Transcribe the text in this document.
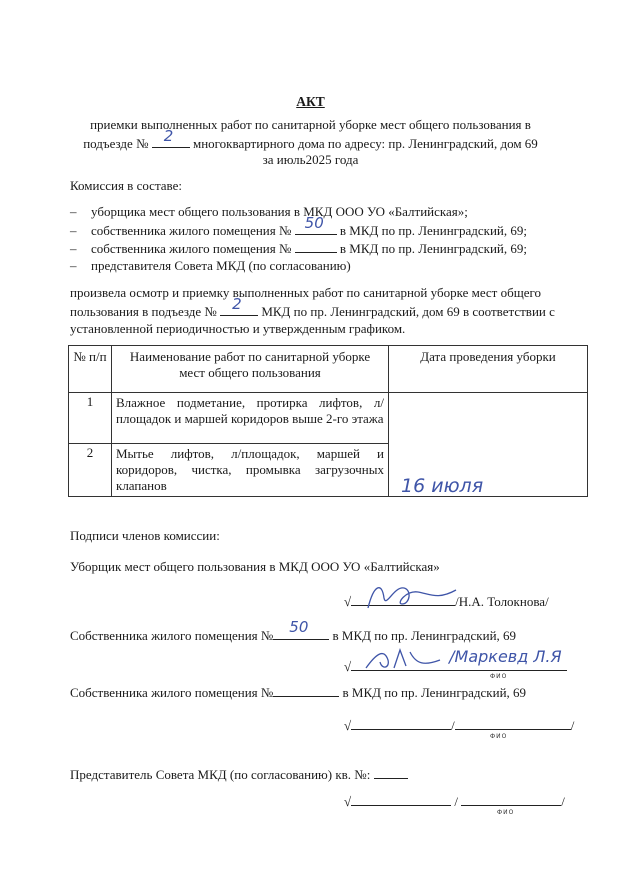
АКТ
приемки выполненных работ по санитарной уборке мест общего пользования в
подъезде № 2 многоквартирного дома по адресу: пр. Ленинградский, дом 69
за июль2025 года
Комиссия в составе:
– уборщика мест общего пользования в МКД ООО УО «Балтийская»;
– собственника жилого помещения № 50 в МКД по пр. Ленинградский, 69;
– собственника жилого помещения №	в МКД по пр. Ленинградский, 69;
– представителя Совета МКД (по согласованию)
произвела осмотр и приемку выполненных работ по санитарной уборке мест общего
пользования в подъезде № 2 МКД по пр. Ленинградский, дом 69 в соответствии с
установленной периодичностью и утвержденным графиком.
№ п/п	Наименование работ по санитарной уборке мест общего пользования	Дата проведения уборки
1	Влажное подметание, протирка лифтов, л/площадок и маршей коридоров выше 2-го этажа	16 июля

2	Мытье лифтов, л/площадок, маршей и коридоров, чистка, промывка загрузочных клапанов	
Подписи членов комиссии:
Уборщик мест общего пользования в МКД ООО УО «Балтийская»
√	/Н.А. Толокнова/
Собственника жилого помещения № 50 в МКД по пр. Ленинградский, 69
√
/Маркевд Л.Я
ФИО
Собственника жилого помещения №	в МКД по пр. Ленинградский, 69
√	/	/
ФИО
Представитель Совета МКД (по согласованию) кв. №:
√	/	/
ФИО
